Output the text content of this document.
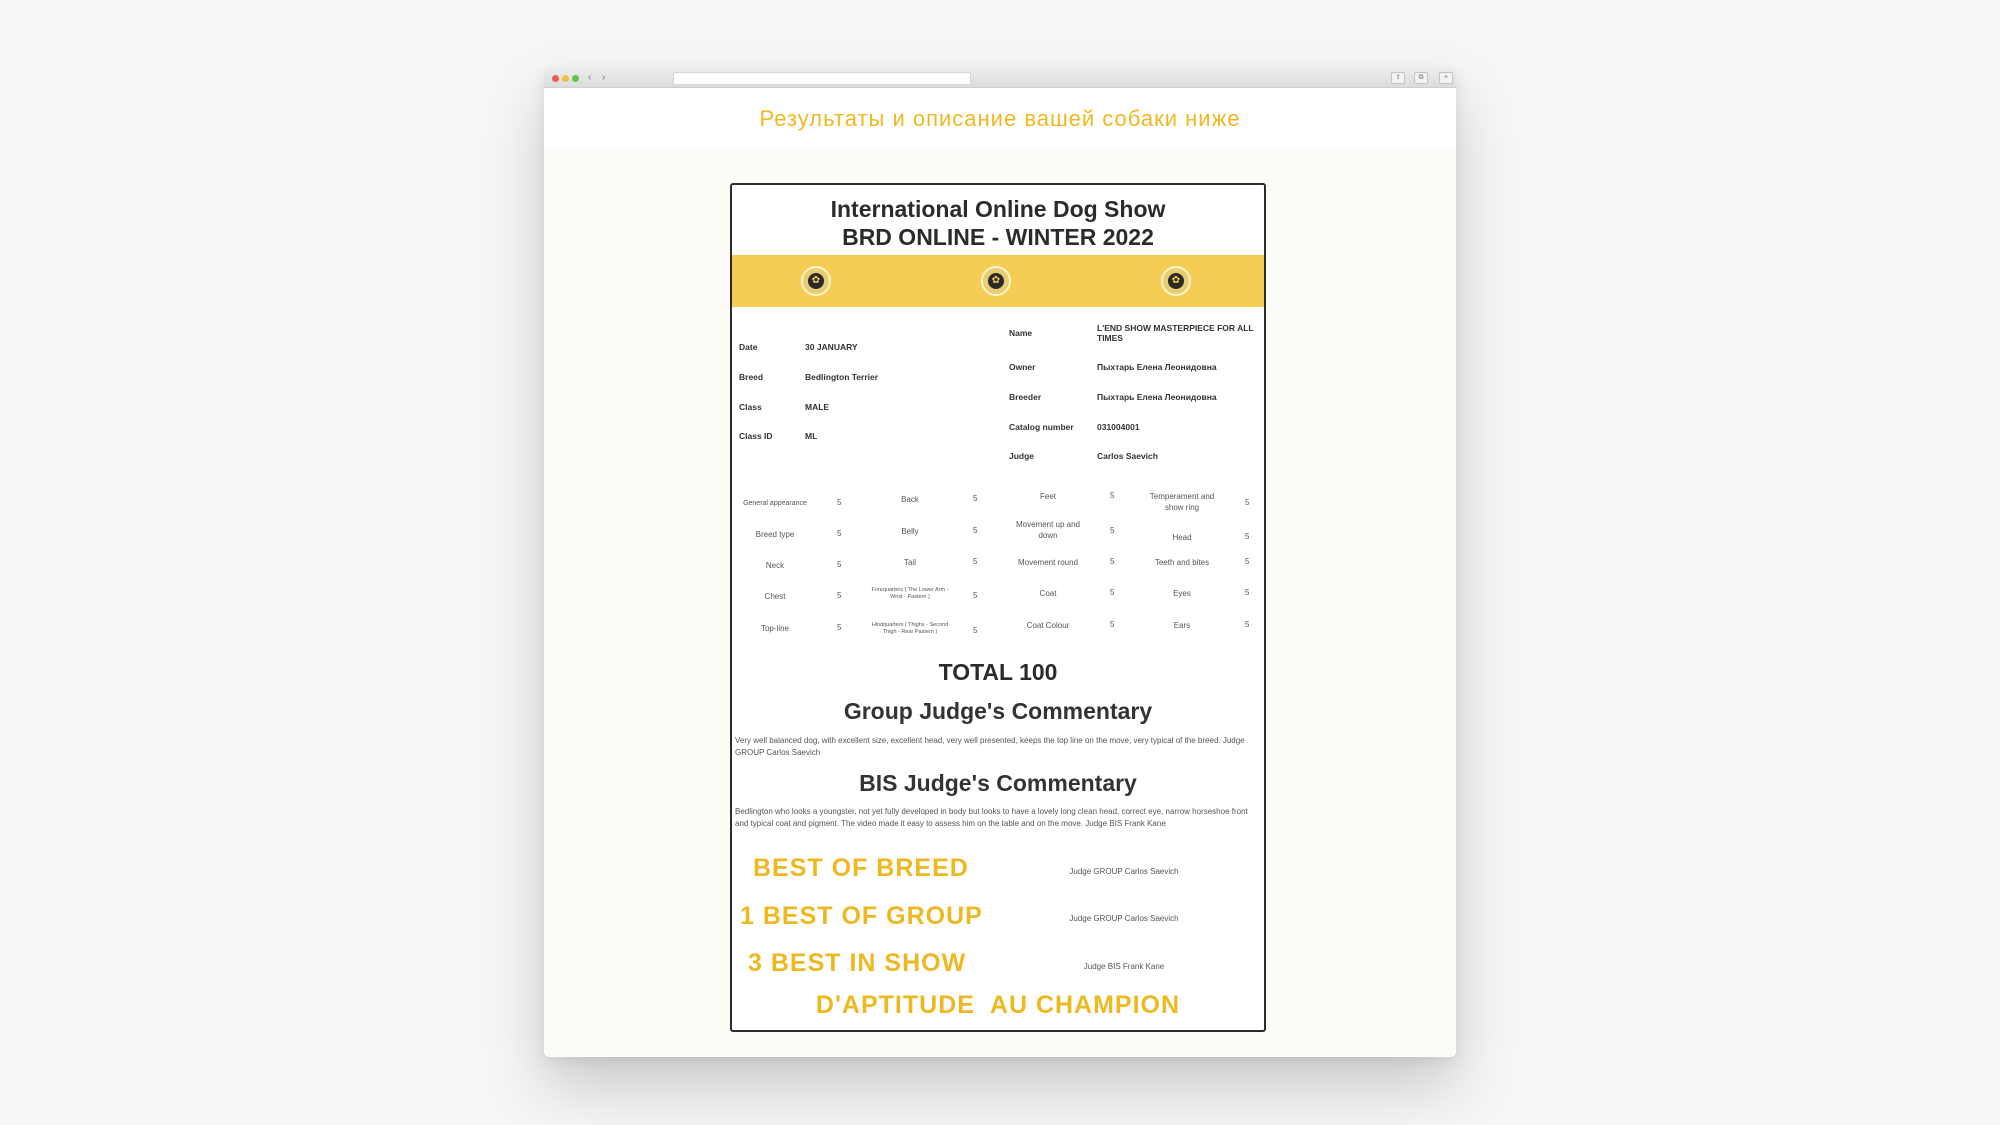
‹ ›	⇪	⧉	+
Результаты и описание вашей собаки ниже
International Online Dog Show
BRD ONLINE - WINTER 2022
✿	✿	✿
Date	30 JANUARY
Breed	Bedlington Terrier
Class	MALE
Class ID	ML
Name	L'END SHOW MASTERPIECE FOR ALL TIMES
Owner	Пыхтарь Елена Леонидовна
Breeder	Пыхтарь Елена Леонидовна
Catalog number	031004001
Judge	Carlos Saevich
General appearance	5
Breed type	5
Neck	5
Chest	5
Top-line	5
Back	5
Belly	5
Tail	5
Forequarters ( The Lower Arm - Wrist - Pastern )	5
Hindquarters ( Thighs - Second Thigh - Rear Pastern )	5
Feet	5
Movement up and down
5
Movement round	5
Coat	5
Coat Colour	5
Temperament and show ring
5
Head	5
Teeth and bites	5
Eyes	5
Ears	5
TOTAL 100
Group Judge's Commentary
Very well balanced dog, with excellent size, excellent head, very well presented, keeps the top line on the move, very typical of the breed. Judge GROUP Carlos Saevich
BIS Judge's Commentary
Bedlington who looks a youngster, not yet fully developed in body but looks to have a lovely long clean head, correct eye, narrow horseshoe front and typical coat and pigment. The video made it easy to assess him on the table and on the move. Judge BIS Frank Kane
BEST OF BREED	Judge GROUP Carlos Saevich
1 BEST OF GROUP	Judge GROUP Carlos Saevich
3 BEST IN SHOW	Judge BIS Frank Kane
D'APTITUDE  AU CHAMPION
